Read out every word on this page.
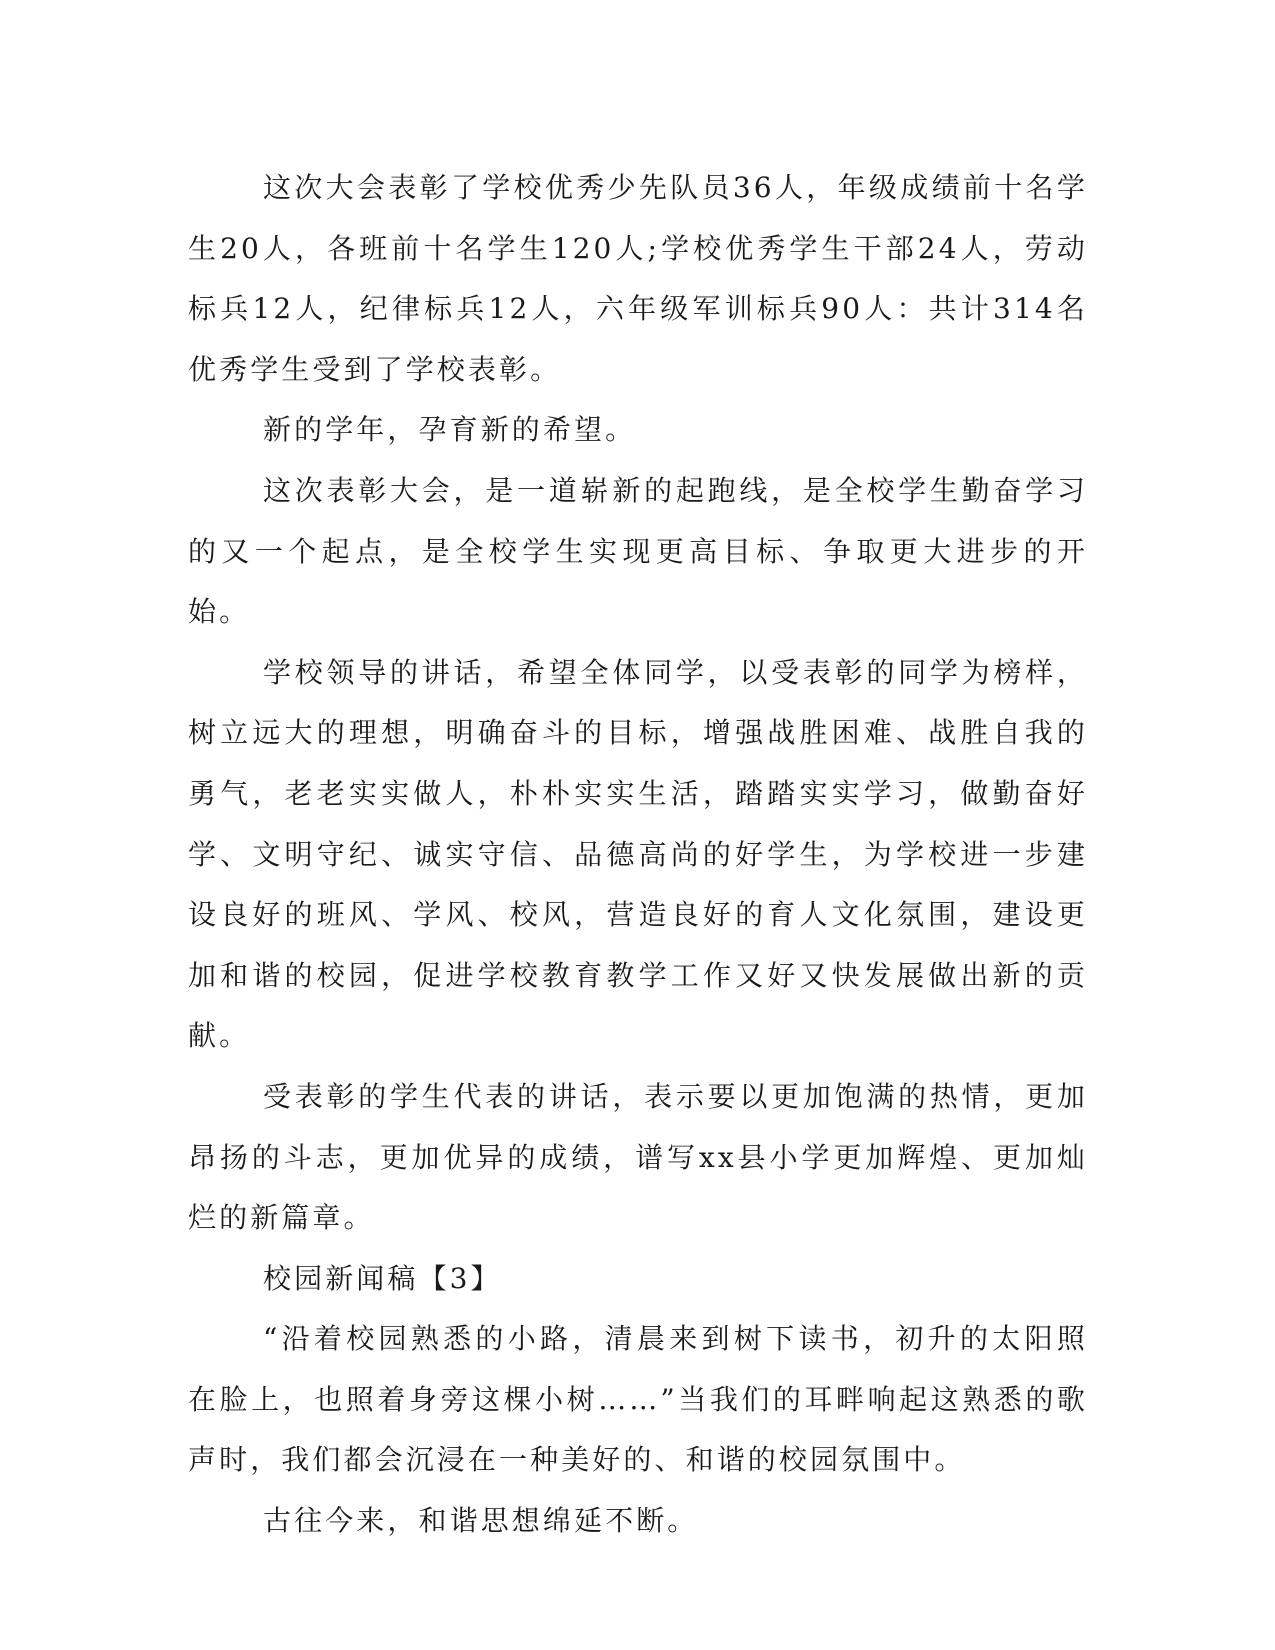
这次大会表彰了学校优秀少先队员36人，年级成绩前十名学生20人，各班前十名学生120人;学校优秀学生干部24人，劳动标兵12人，纪律标兵12人，六年级军训标兵90人：共计314名优秀学生受到了学校表彰。

新的学年，孕育新的希望。

这次表彰大会，是一道崭新的起跑线，是全校学生勤奋学习的又一个起点，是全校学生实现更高目标、争取更大进步的开始。

学校领导的讲话，希望全体同学，以受表彰的同学为榜样，树立远大的理想，明确奋斗的目标，增强战胜困难、战胜自我的勇气，老老实实做人，朴朴实实生活，踏踏实实学习，做勤奋好学、文明守纪、诚实守信、品德高尚的好学生，为学校进一步建设良好的班风、学风、校风，营造良好的育人文化氛围，建设更加和谐的校园，促进学校教育教学工作又好又快发展做出新的贡献。

受表彰的学生代表的讲话，表示要以更加饱满的热情，更加昂扬的斗志，更加优异的成绩，谱写xx县小学更加辉煌、更加灿烂的新篇章。

校园新闻稿【3】

“沿着校园熟悉的小路，清晨来到树下读书，初升的太阳照在脸上，也照着身旁这棵小树……”当我们的耳畔响起这熟悉的歌声时，我们都会沉浸在一种美好的、和谐的校园氛围中。

古往今来，和谐思想绵延不断。
